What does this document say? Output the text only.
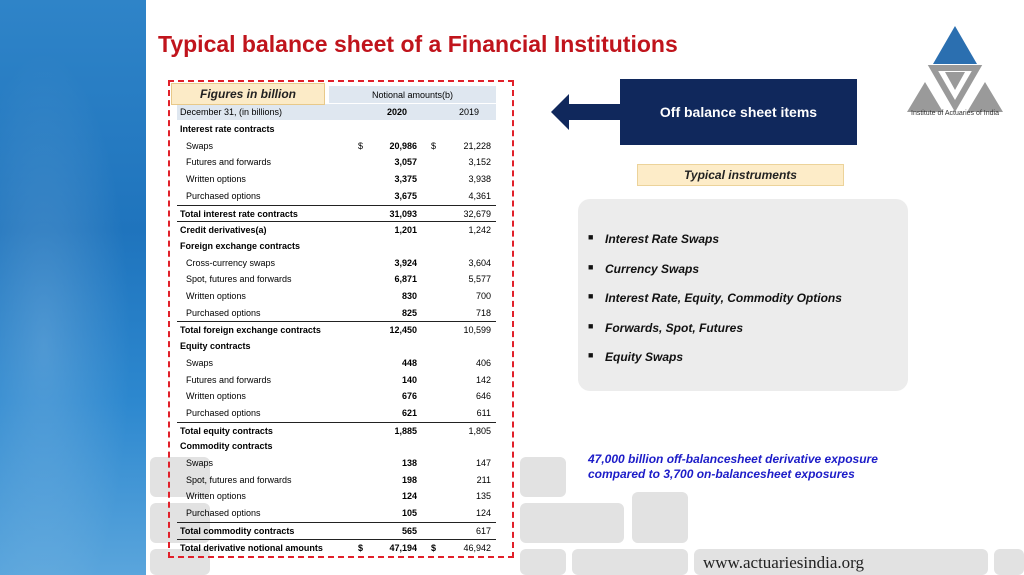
Typical balance sheet of a Financial Institutions
Institute of Actuaries of India
Notional amounts(b)
December 31, (in billions)	2020	2019
Interest rate contracts
Swaps	$	20,986 $	21,228
Futures and forwards	3,057	3,152
Written options	3,375	3,938
Purchased options	3,675	4,361
Total interest rate contracts	31,093	32,679
Credit derivatives(a)	1,201	1,242
Foreign exchange contracts
Cross-currency swaps	3,924	3,604
Spot, futures and forwards	6,871	5,577
Written options	830	700
Purchased options	825	718
Total foreign exchange contracts	12,450	10,599
Equity contracts
Swaps	448	406
Futures and forwards	140	142
Written options	676	646
Purchased options	621	611
Total equity contracts	1,885	1,805
Commodity contracts
Swaps	138	147
Spot, futures and forwards	198	211
Written options	124	135
Purchased options	105	124
Total commodity contracts	565	617
Total derivative notional amounts	$	47,194 $	46,942
Figures in billion
Off balance sheet items
Typical instruments
■ Interest Rate Swaps
■ Currency Swaps
■ Interest Rate, Equity, Commodity Options
■ Forwards, Spot, Futures
■ Equity Swaps
47,000 billion off-balancesheet derivative exposure compared to 3,700 on-balancesheet exposures
www.actuariesindia.org
